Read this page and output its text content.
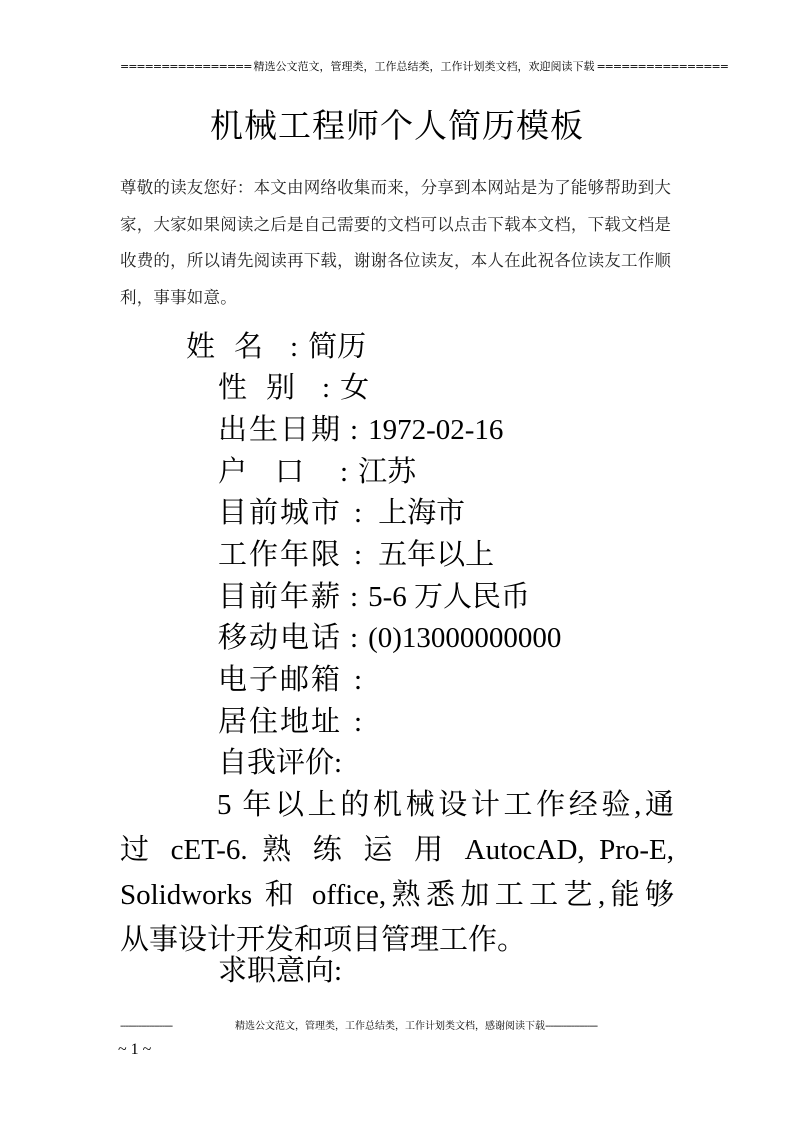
================ 精选公文范文，管理类，工作总结类，工作计划类文档，欢迎阅读下载 ================
机械工程师个人简历模板
尊敬的读友您好：本文由网络收集而来，分享到本网站是为了能够帮助到大家，大家如果阅读之后是自己需要的文档可以点击下载本文档，下载文档是收费的，所以请先阅读再下载，谢谢各位读友，本人在此祝各位读友工作顺利，事事如意。
姓名 : 简历
性别 : 女
出生日期 : 1972-02-16
户口 : 江苏
目前城市 : 上海市
工作年限 : 五年以上
目前年薪 : 5-6 万人民币
移动电话 : (0)13000000000
电子邮箱 :
居住地址 :
自我评价:
5 年以上的机械设计工作经验,通
过 cET-6. 熟 练 运 用 AutocAD, Pro-E,
Solidworks 和 office,熟悉加工工艺,能够
从事设计开发和项目管理工作。
求职意向:
--------------------	精选公文范文，管理类，工作总结类，工作计划类文档，感谢阅读下载 --------------------
~ 1 ~
